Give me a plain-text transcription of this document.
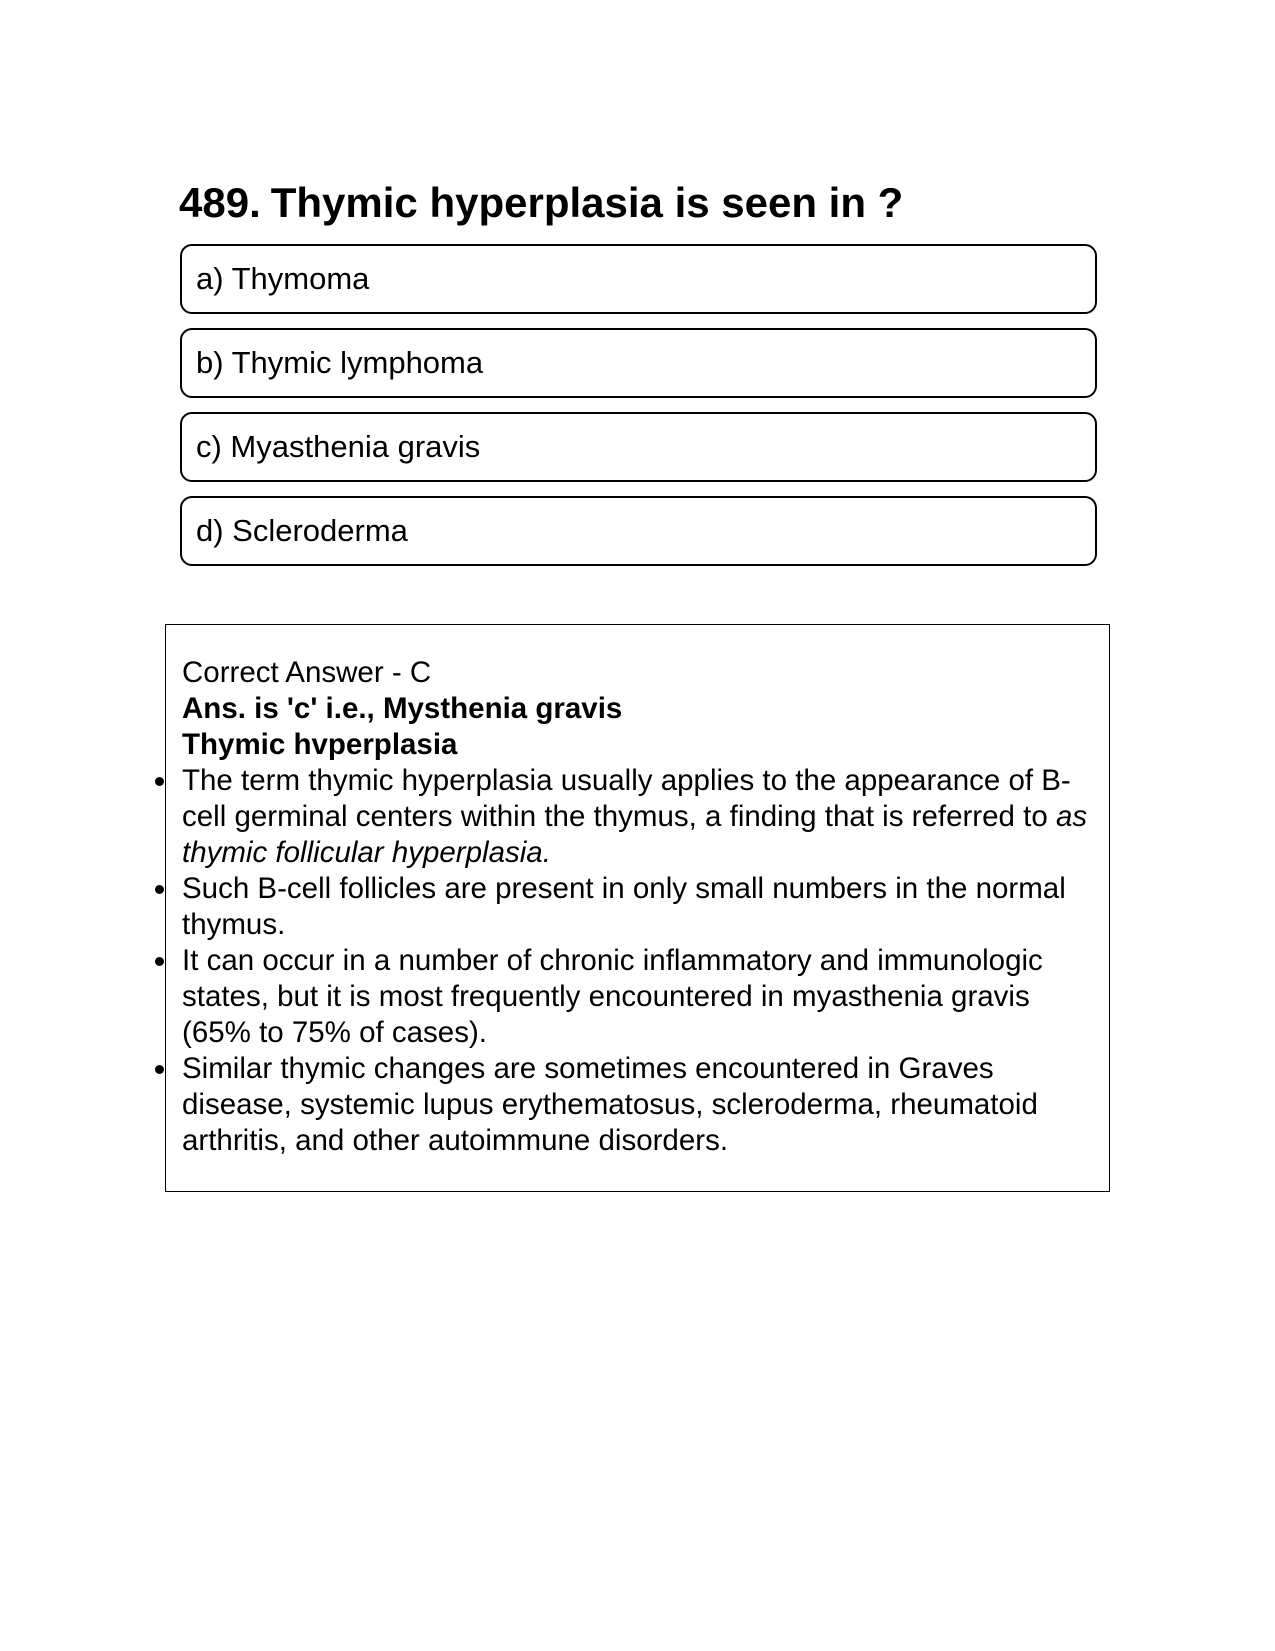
489. Thymic hyperplasia is seen in ?
a) Thymoma
b) Thymic lymphoma
c) Myasthenia gravis
d) Scleroderma

Correct Answer - C

Ans. is 'c' i.e., Mysthenia gravis

Thymic hvperplasia

The term thymic hyperplasia usually applies to the appearance of B-cell germinal centers within the thymus, a finding that is referred to as thymic follicular hyperplasia.
Such B-cell follicles are present in only small numbers in the normal thymus.
It can occur in a number of chronic inflammatory and immunologic states, but it is most frequently encountered in myasthenia gravis (65% to 75% of cases).
Similar thymic changes are sometimes encountered in Graves disease, systemic lupus erythematosus, scleroderma, rheumatoid arthritis, and other autoimmune disorders.
